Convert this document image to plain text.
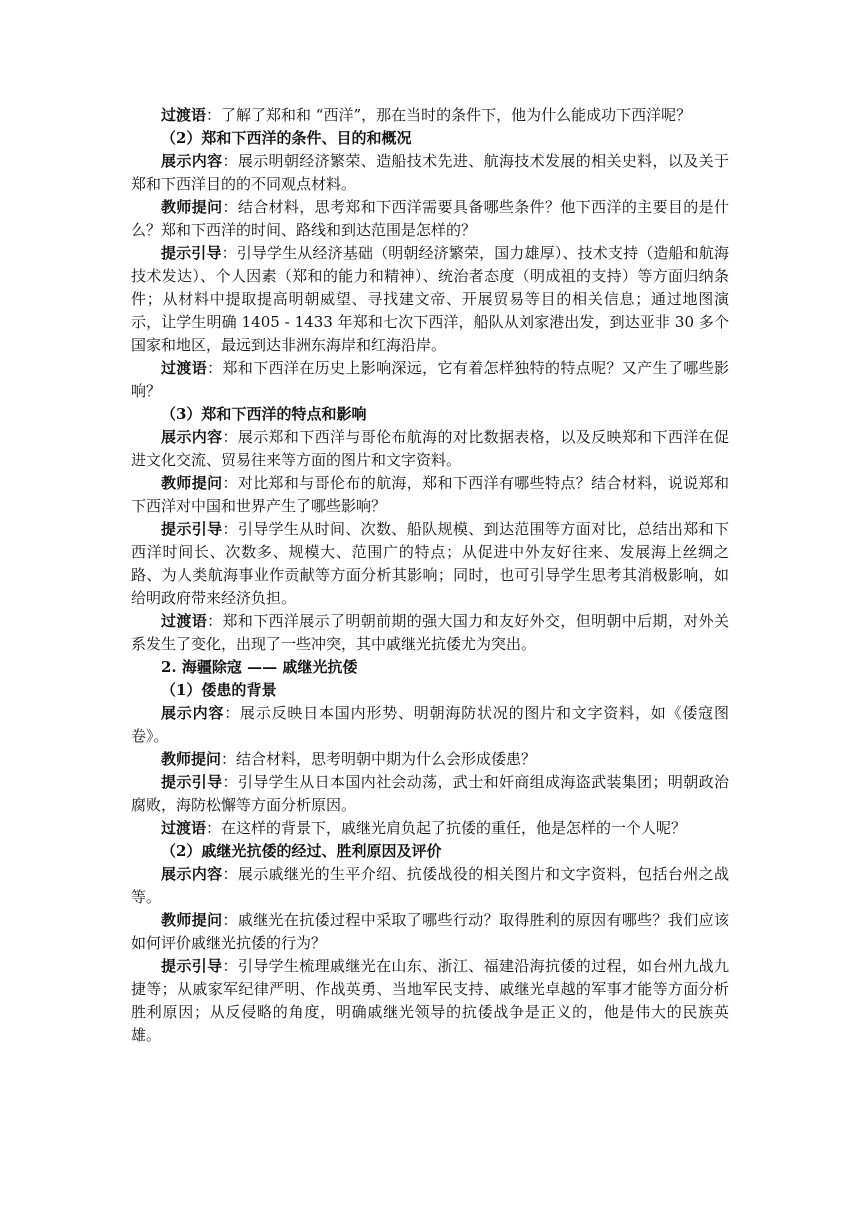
过渡语：了解了郑和和 “西洋”，那在当时的条件下，他为什么能成功下西洋呢？

（2）郑和下西洋的条件、目的和概况

展示内容：展示明朝经济繁荣、造船技术先进、航海技术发展的相关史料，以及关于郑和下西洋目的的不同观点材料。

教师提问：结合材料，思考郑和下西洋需要具备哪些条件？他下西洋的主要目的是什么？郑和下西洋的时间、路线和到达范围是怎样的？

提示引导：引导学生从经济基础（明朝经济繁荣，国力雄厚）、技术支持（造船和航海技术发达）、个人因素（郑和的能力和精神）、统治者态度（明成祖的支持）等方面归纳条件；从材料中提取提高明朝威望、寻找建文帝、开展贸易等目的相关信息；通过地图演示，让学生明确 1405 - 1433 年郑和七次下西洋，船队从刘家港出发，到达亚非 30 多个国家和地区，最远到达非洲东海岸和红海沿岸。

过渡语：郑和下西洋在历史上影响深远，它有着怎样独特的特点呢？又产生了哪些影响？

（3）郑和下西洋的特点和影响

展示内容：展示郑和下西洋与哥伦布航海的对比数据表格，以及反映郑和下西洋在促进文化交流、贸易往来等方面的图片和文字资料。

教师提问：对比郑和与哥伦布的航海，郑和下西洋有哪些特点？结合材料，说说郑和下西洋对中国和世界产生了哪些影响？

提示引导：引导学生从时间、次数、船队规模、到达范围等方面对比，总结出郑和下西洋时间长、次数多、规模大、范围广的特点；从促进中外友好往来、发展海上丝绸之路、为人类航海事业作贡献等方面分析其影响；同时，也可引导学生思考其消极影响，如给明政府带来经济负担。

过渡语：郑和下西洋展示了明朝前期的强大国力和友好外交，但明朝中后期，对外关系发生了变化，出现了一些冲突，其中戚继光抗倭尤为突出。

2. 海疆除寇 —— 戚继光抗倭

（1）倭患的背景

展示内容：展示反映日本国内形势、明朝海防状况的图片和文字资料，如《倭寇图卷》。

教师提问：结合材料，思考明朝中期为什么会形成倭患？

提示引导：引导学生从日本国内社会动荡，武士和奸商组成海盗武装集团；明朝政治腐败，海防松懈等方面分析原因。

过渡语：在这样的背景下，戚继光肩负起了抗倭的重任，他是怎样的一个人呢？

（2）戚继光抗倭的经过、胜利原因及评价

展示内容：展示戚继光的生平介绍、抗倭战役的相关图片和文字资料，包括台州之战等。

教师提问：戚继光在抗倭过程中采取了哪些行动？取得胜利的原因有哪些？我们应该如何评价戚继光抗倭的行为？

提示引导：引导学生梳理戚继光在山东、浙江、福建沿海抗倭的过程，如台州九战九捷等；从戚家军纪律严明、作战英勇、当地军民支持、戚继光卓越的军事才能等方面分析胜利原因；从反侵略的角度，明确戚继光领导的抗倭战争是正义的，他是伟大的民族英雄。
